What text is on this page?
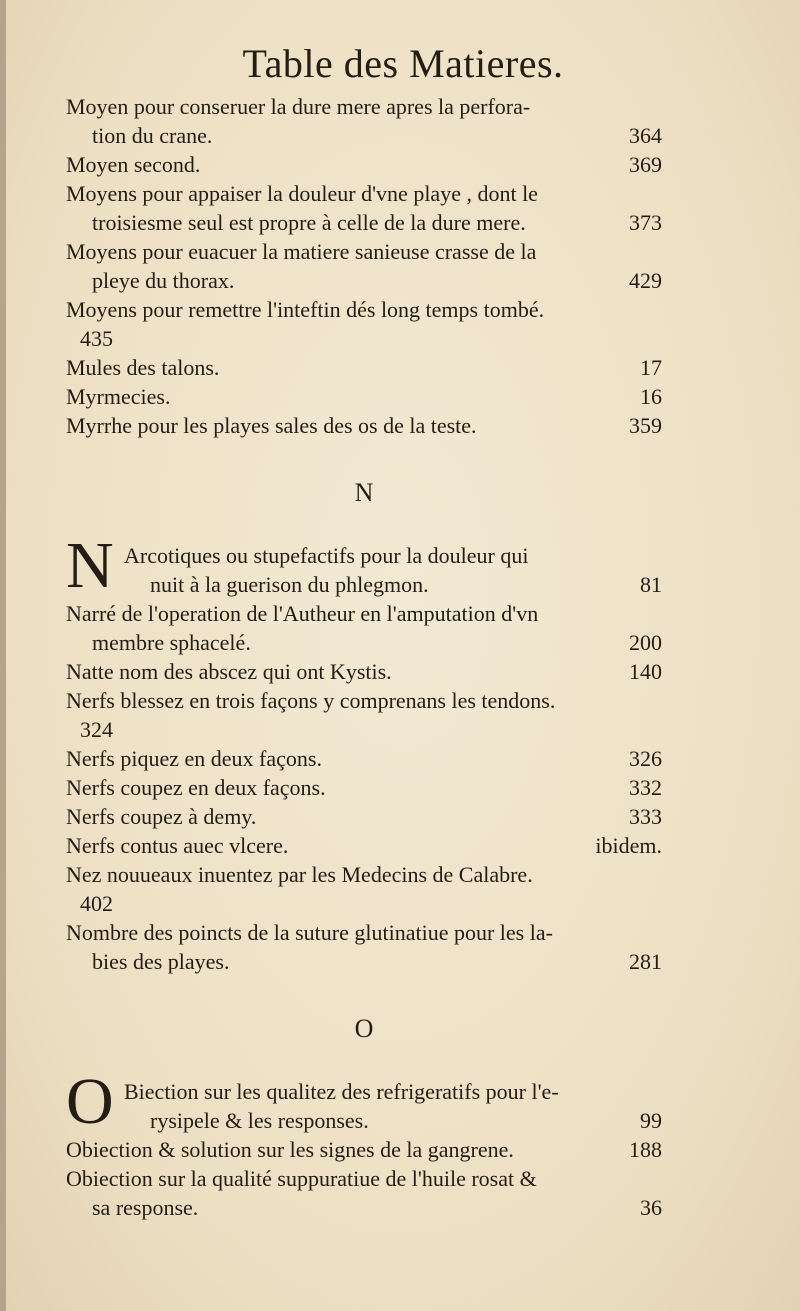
Table des Matieres.
Moyen pour conseruer la dure mere apres la perfora-
tion du crane.	364
Moyen second.	369
Moyens pour appaiser la douleur d'vne playe , dont le
troisiesme seul est propre à celle de la dure mere.	373
Moyens pour euacuer la matiere sanieuse crasse de la
pleye du thorax.	429
Moyens pour remettre l'inteftin dés long temps tombé.
435
Mules des talons.	17
Myrmecies.	16
Myrrhe pour les playes sales des os de la teste.	359
N
N Arcotiques ou stupefactifs pour la douleur qui
nuit à la guerison du phlegmon.	81
Narré de l'operation de l'Autheur en l'amputation d'vn
membre sphacelé.	200
Natte nom des abscez qui ont Kystis.	140
Nerfs blessez en trois façons y comprenans les tendons.
324
Nerfs piquez en deux façons.	326
Nerfs coupez en deux façons.	332
Nerfs coupez à demy.	333
Nerfs contus auec vlcere.	ibidem.
Nez nouueaux inuentez par les Medecins de Calabre.
402
Nombre des poincts de la suture glutinatiue pour les la-
bies des playes.	281
O
O Biection sur les qualitez des refrigeratifs pour l'e-
rysipele & les responses.	99
Obiection & solution sur les signes de la gangrene.	188
Obiection sur la qualité suppuratiue de l'huile rosat &
sa response.	36
